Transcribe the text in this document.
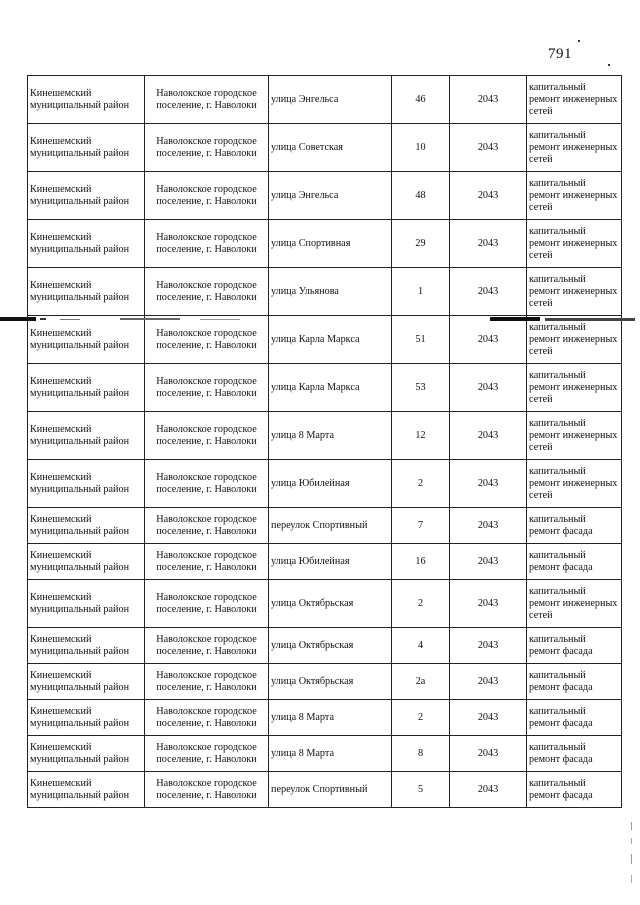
791
Кинешемский муниципальный район	Наволокское городское поселение, г. Наволоки	улица Энгельса	46	2043	капитальный ремонт инженерных сетей
Кинешемский муниципальный район	Наволокское городское поселение, г. Наволоки	улица Советская	10	2043	капитальный ремонт инженерных сетей
Кинешемский муниципальный район	Наволокское городское поселение, г. Наволоки	улица Энгельса	48	2043	капитальный ремонт инженерных сетей
Кинешемский муниципальный район	Наволокское городское поселение, г. Наволоки	улица Спортивная	29	2043	капитальный ремонт инженерных сетей
Кинешемский муниципальный район	Наволокское городское поселение, г. Наволоки	улица Ульянова	1	2043	капитальный ремонт инженерных сетей
Кинешемский муниципальный район	Наволокское городское поселение, г. Наволоки	улица Карла Маркса	51	2043	капитальный ремонт инженерных сетей
Кинешемский муниципальный район	Наволокское городское поселение, г. Наволоки	улица Карла Маркса	53	2043	капитальный ремонт инженерных сетей
Кинешемский муниципальный район	Наволокское городское поселение, г. Наволоки	улица 8 Марта	12	2043	капитальный ремонт инженерных сетей
Кинешемский муниципальный район	Наволокское городское поселение, г. Наволоки	улица Юбилейная	2	2043	капитальный ремонт инженерных сетей
Кинешемский муниципальный район	Наволокское городское поселение, г. Наволоки	переулок Спортивный	7	2043	капитальный ремонт фасада
Кинешемский муниципальный район	Наволокское городское поселение, г. Наволоки	улица Юбилейная	16	2043	капитальный ремонт фасада
Кинешемский муниципальный район	Наволокское городское поселение, г. Наволоки	улица Октябрьская	2	2043	капитальный ремонт инженерных сетей
Кинешемский муниципальный район	Наволокское городское поселение, г. Наволоки	улица Октябрьская	4	2043	капитальный ремонт фасада
Кинешемский муниципальный район	Наволокское городское поселение, г. Наволоки	улица Октябрьская	2а	2043	капитальный ремонт фасада
Кинешемский муниципальный район	Наволокское городское поселение, г. Наволоки	улица 8 Марта	2	2043	капитальный ремонт фасада
Кинешемский муниципальный район	Наволокское городское поселение, г. Наволоки	улица 8 Марта	8	2043	капитальный ремонт фасада
Кинешемский муниципальный район	Наволокское городское поселение, г. Наволоки	переулок Спортивный	5	2043	капитальный ремонт фасада
